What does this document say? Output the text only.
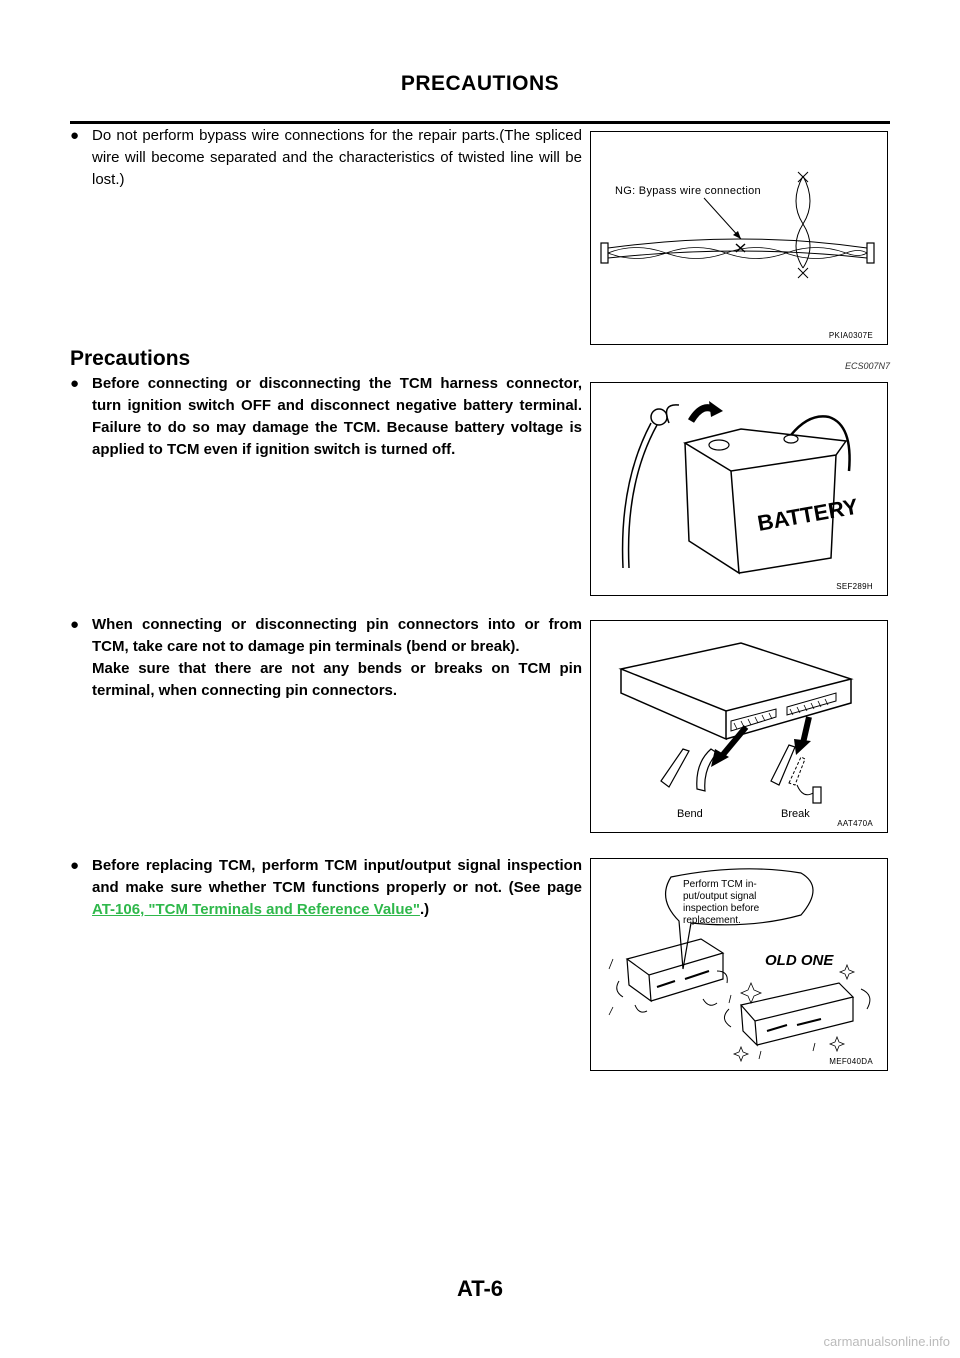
PRECAUTIONS
● Do not perform bypass wire connections for the repair parts.(The spliced wire will become separated and the characteristics of twisted line will be lost.)
NG: Bypass wire connection
PKIA0307E
Precautions	ECS007N7
● Before connecting or disconnecting the TCM harness connector, turn ignition switch OFF and disconnect negative battery terminal. Failure to do so may damage the TCM. Because battery voltage is applied to TCM even if ignition switch is turned off.
BATTERY
SEF289H
● When connecting or disconnecting pin connectors into or from TCM, take care not to damage pin terminals (bend or break).
Make sure that there are not any bends or breaks on TCM pin terminal, when connecting pin connectors.
Bend	Break
AAT470A
● Before replacing TCM, perform TCM input/output signal inspection and make sure whether TCM functions properly or not. (See page AT-106, "TCM Terminals and Reference Value".)
Perform TCM in-
put/output signal
inspection before
replacement.
OLD ONE
MEF040DA
AT-6
carmanualsonline.info
